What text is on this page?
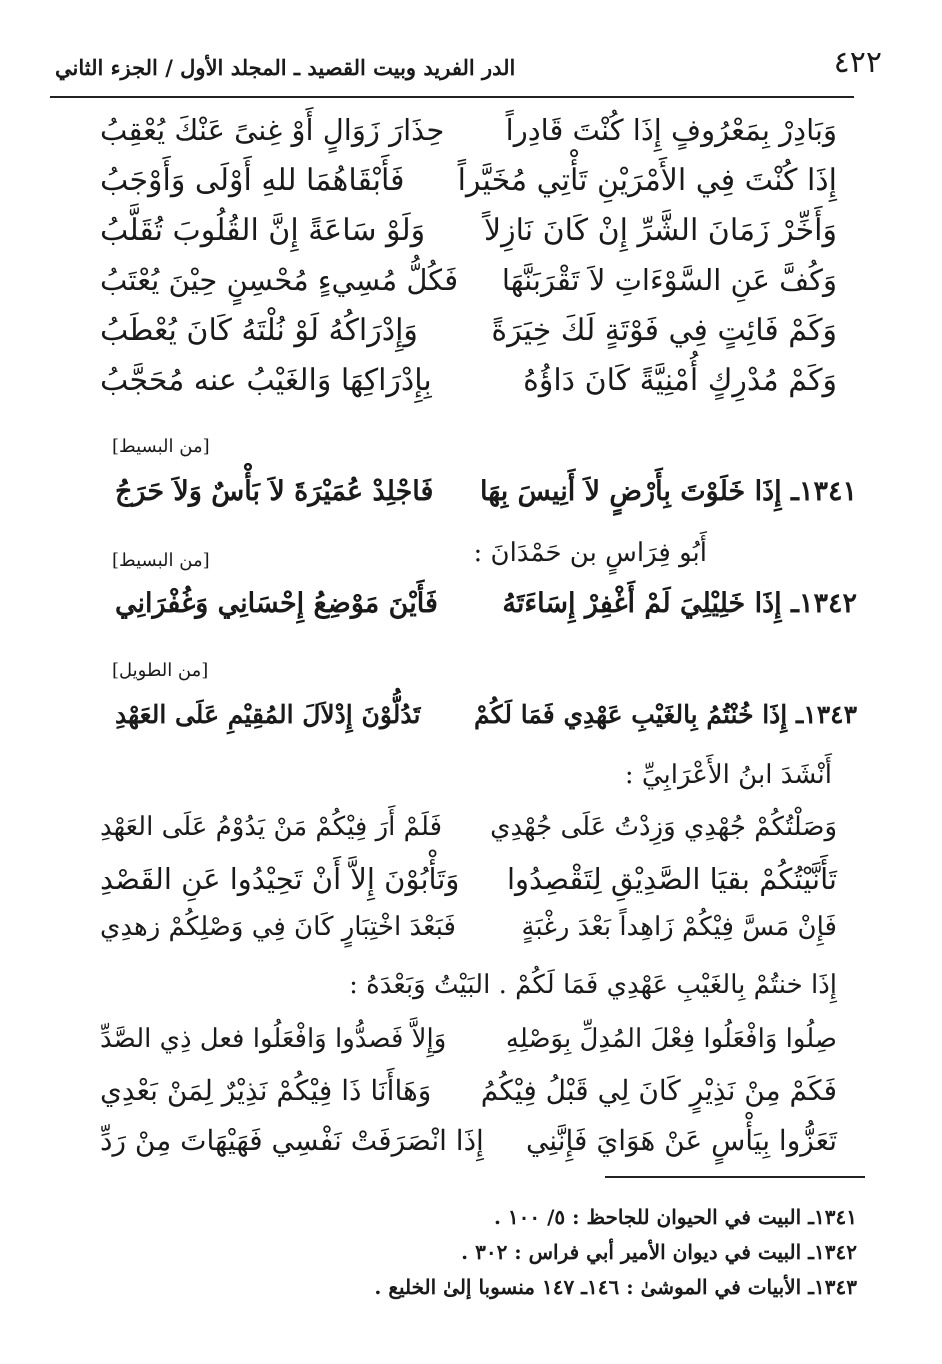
٤٢٢
الدر الفريد وبيت القصيد ـ المجلد الأول / الجزء الثاني
وَبَادِرْ بِمَعْرُوفٍ إِذَا كُنْتَ قَادِراً
حِذَارَ زَوَالٍ أَوْ غِنىً عَنْكَ يُعْقِبُ
إِذَا كُنْتَ فِي الأَمْرَيْنِ تَأْتِي مُخَيَّراً
فَأَبْقَاهُمَا للهِ أَوْلَى وَأَوْجَبُ
وَأَخِّرْ زَمَانَ الشَّرِّ إِنْ كَانَ نَازِلاً
وَلَوْ سَاعَةً إِنَّ القُلُوبَ تُقَلَّبُ
وَكُفَّ عَنِ السَّوْءَاتِ لاَ تَقْرَبَنَّهَا
فَكُلُّ مُسِيءٍ مُحْسِنٍ حِيْنَ يُعْتَبُ
وَكَمْ فَائِتٍ فِي فَوْتَةٍ لَكَ خِيَرَةً
وَإِدْرَاكُهُ لَوْ نُلْتَهُ كَانَ يُعْطَبُ
وَكَمْ مُدْرِكٍ أُمْنِيَّةً كَانَ دَاؤُهُ
بِإِدْرَاكِهَا وَالغَيْبُ عنه مُحَجَّبُ
[من البسيط]
١٣٤١ـ إِذَا خَلَوْتَ بِأَرْضٍ لاَ أَنِيسَ بِهَا
فَاجْلِدْ عُمَيْرَةَ لاَ بَأْسٌ وَلاَ حَرَجُ
أَبُو فِرَاسٍ بن حَمْدَانَ :
[من البسيط]
١٣٤٢ـ إِذَا خَلِيْلِيَ لَمْ أَغْفِرْ إِسَاءَتَهُ
فَأَيْنَ مَوْضِعُ إِحْسَانِي وَغُفْرَانِي
[من الطويل]
١٣٤٣ـ إِذَا خُنْتُمُ بِالغَيْبِ عَهْدِي فَمَا لَكُمْ
تَدُلُّوْنَ إِدْلاَلَ المُقِيْمِ عَلَى العَهْدِ
أَنْشَدَ ابنُ الأَعْرَابِيِّ :
وَصَلْتُكُمْ جُهْدِي وَزِدْتُ عَلَى جُهْدِي
فَلَمْ أَرَ فِيْكُمْ مَنْ يَدُوْمُ عَلَى العَهْدِ
تَأَنَّيْتُكُمْ بقيَا الصَّدِيْقِ لِتَقْصِدُوا
وَتَأْبُوْنَ إِلاَّ أَنْ تَحِيْدُوا عَنِ القَصْدِ
فَإِنْ مَسَّ فِيْكُمْ زَاهِداً بَعْدَ رغْبَةٍ
فَبَعْدَ اخْتِبَارٍ كَانَ فِي وَصْلِكُمْ زهدِي
إِذَا خنتُمْ بِالغَيْبِ عَهْدِي فَمَا لَكُمْ . البَيْتُ وَبَعْدَهُ :
صِلُوا وَافْعَلُوا فِعْلَ المُدِلِّ بِوَصْلِهِ
وَإِلاَّ فَصدُّوا وَافْعَلُوا فعل ذِي الصَّدِّ
فَكَمْ مِنْ نَذِيْرٍ كَانَ لِي قَبْلُ فِيْكُمُ
وَهَاأَنَا ذَا فِيْكُمْ نَذِيْرٌ لِمَنْ بَعْدِي
تَعَزُّوا بِيَأْسٍ عَنْ هَوَايَ فَإِنَّنِي
إِذَا انْصَرَفَتْ نَفْسِي فَهَيْهَاتَ مِنْ رَدِّ
١٣٤١ـ البيت في الحيوان للجاحظ : ٥/ ١٠٠ .
١٣٤٢ـ البيت في ديوان الأمير أبي فراس : ٣٠٢ .
١٣٤٣ـ الأبيات في الموشىٰ : ١٤٦ـ ١٤٧ منسوبا إلىٰ الخليع .
